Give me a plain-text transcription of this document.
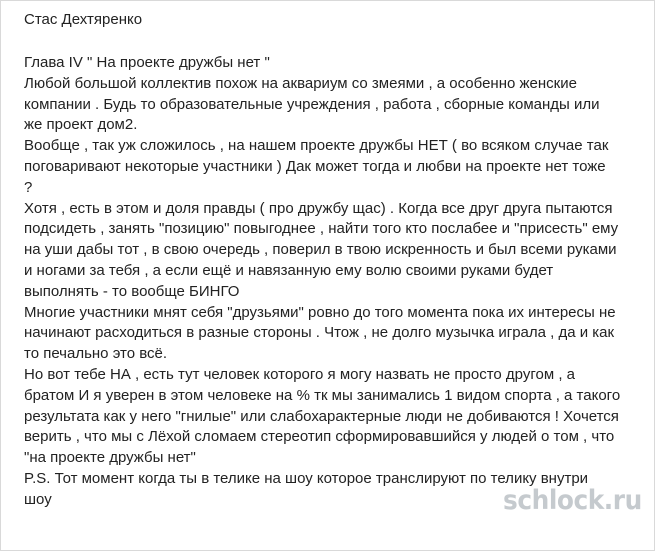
Стас Дехтяренко
Глава IV " На проекте дружбы нет "
Любой большой коллектив похож на аквариум со змеями , а особенно женские
компании . Будь то образовательные учреждения , работа , сборные команды или
же проект дом2.
Вообще , так уж сложилось , на нашем проекте дружбы НЕТ ( во всяком случае так
поговаривают некоторые участники ) Дак может тогда и любви на проекте нет тоже
?
Хотя , есть в этом и доля правды ( про дружбу щас) . Когда все друг друга пытаются
подсидеть , занять "позицию" повыгоднее , найти того кто послабее и "присесть" ему
на уши дабы тот , в свою очередь , поверил в твою искренность и был всеми руками
и ногами за тебя , а если ещё и навязанную ему волю своими руками будет
выполнять - то вообще БИНГО
Многие участники мнят себя "друзьями" ровно до того момента пока их интересы не
начинают расходиться в разные стороны . Чтож , не долго музычка играла , да и как
то печально это всё.
Но вот тебе НА , есть тут человек которого я могу назвать не просто другом , а
братом И я уверен в этом человеке на % тк мы занимались 1 видом спорта , а такого
результата как у него "гнилые" или слабохарактерные люди не добиваются ! Хочется
верить , что мы с Лёхой сломаем стереотип сформировавшийся у людей о том , что
"на проекте дружбы нет"
P.S. Тот момент когда ты в телике на шоу которое транслируют по телику внутри
шоу	schlock.ru
